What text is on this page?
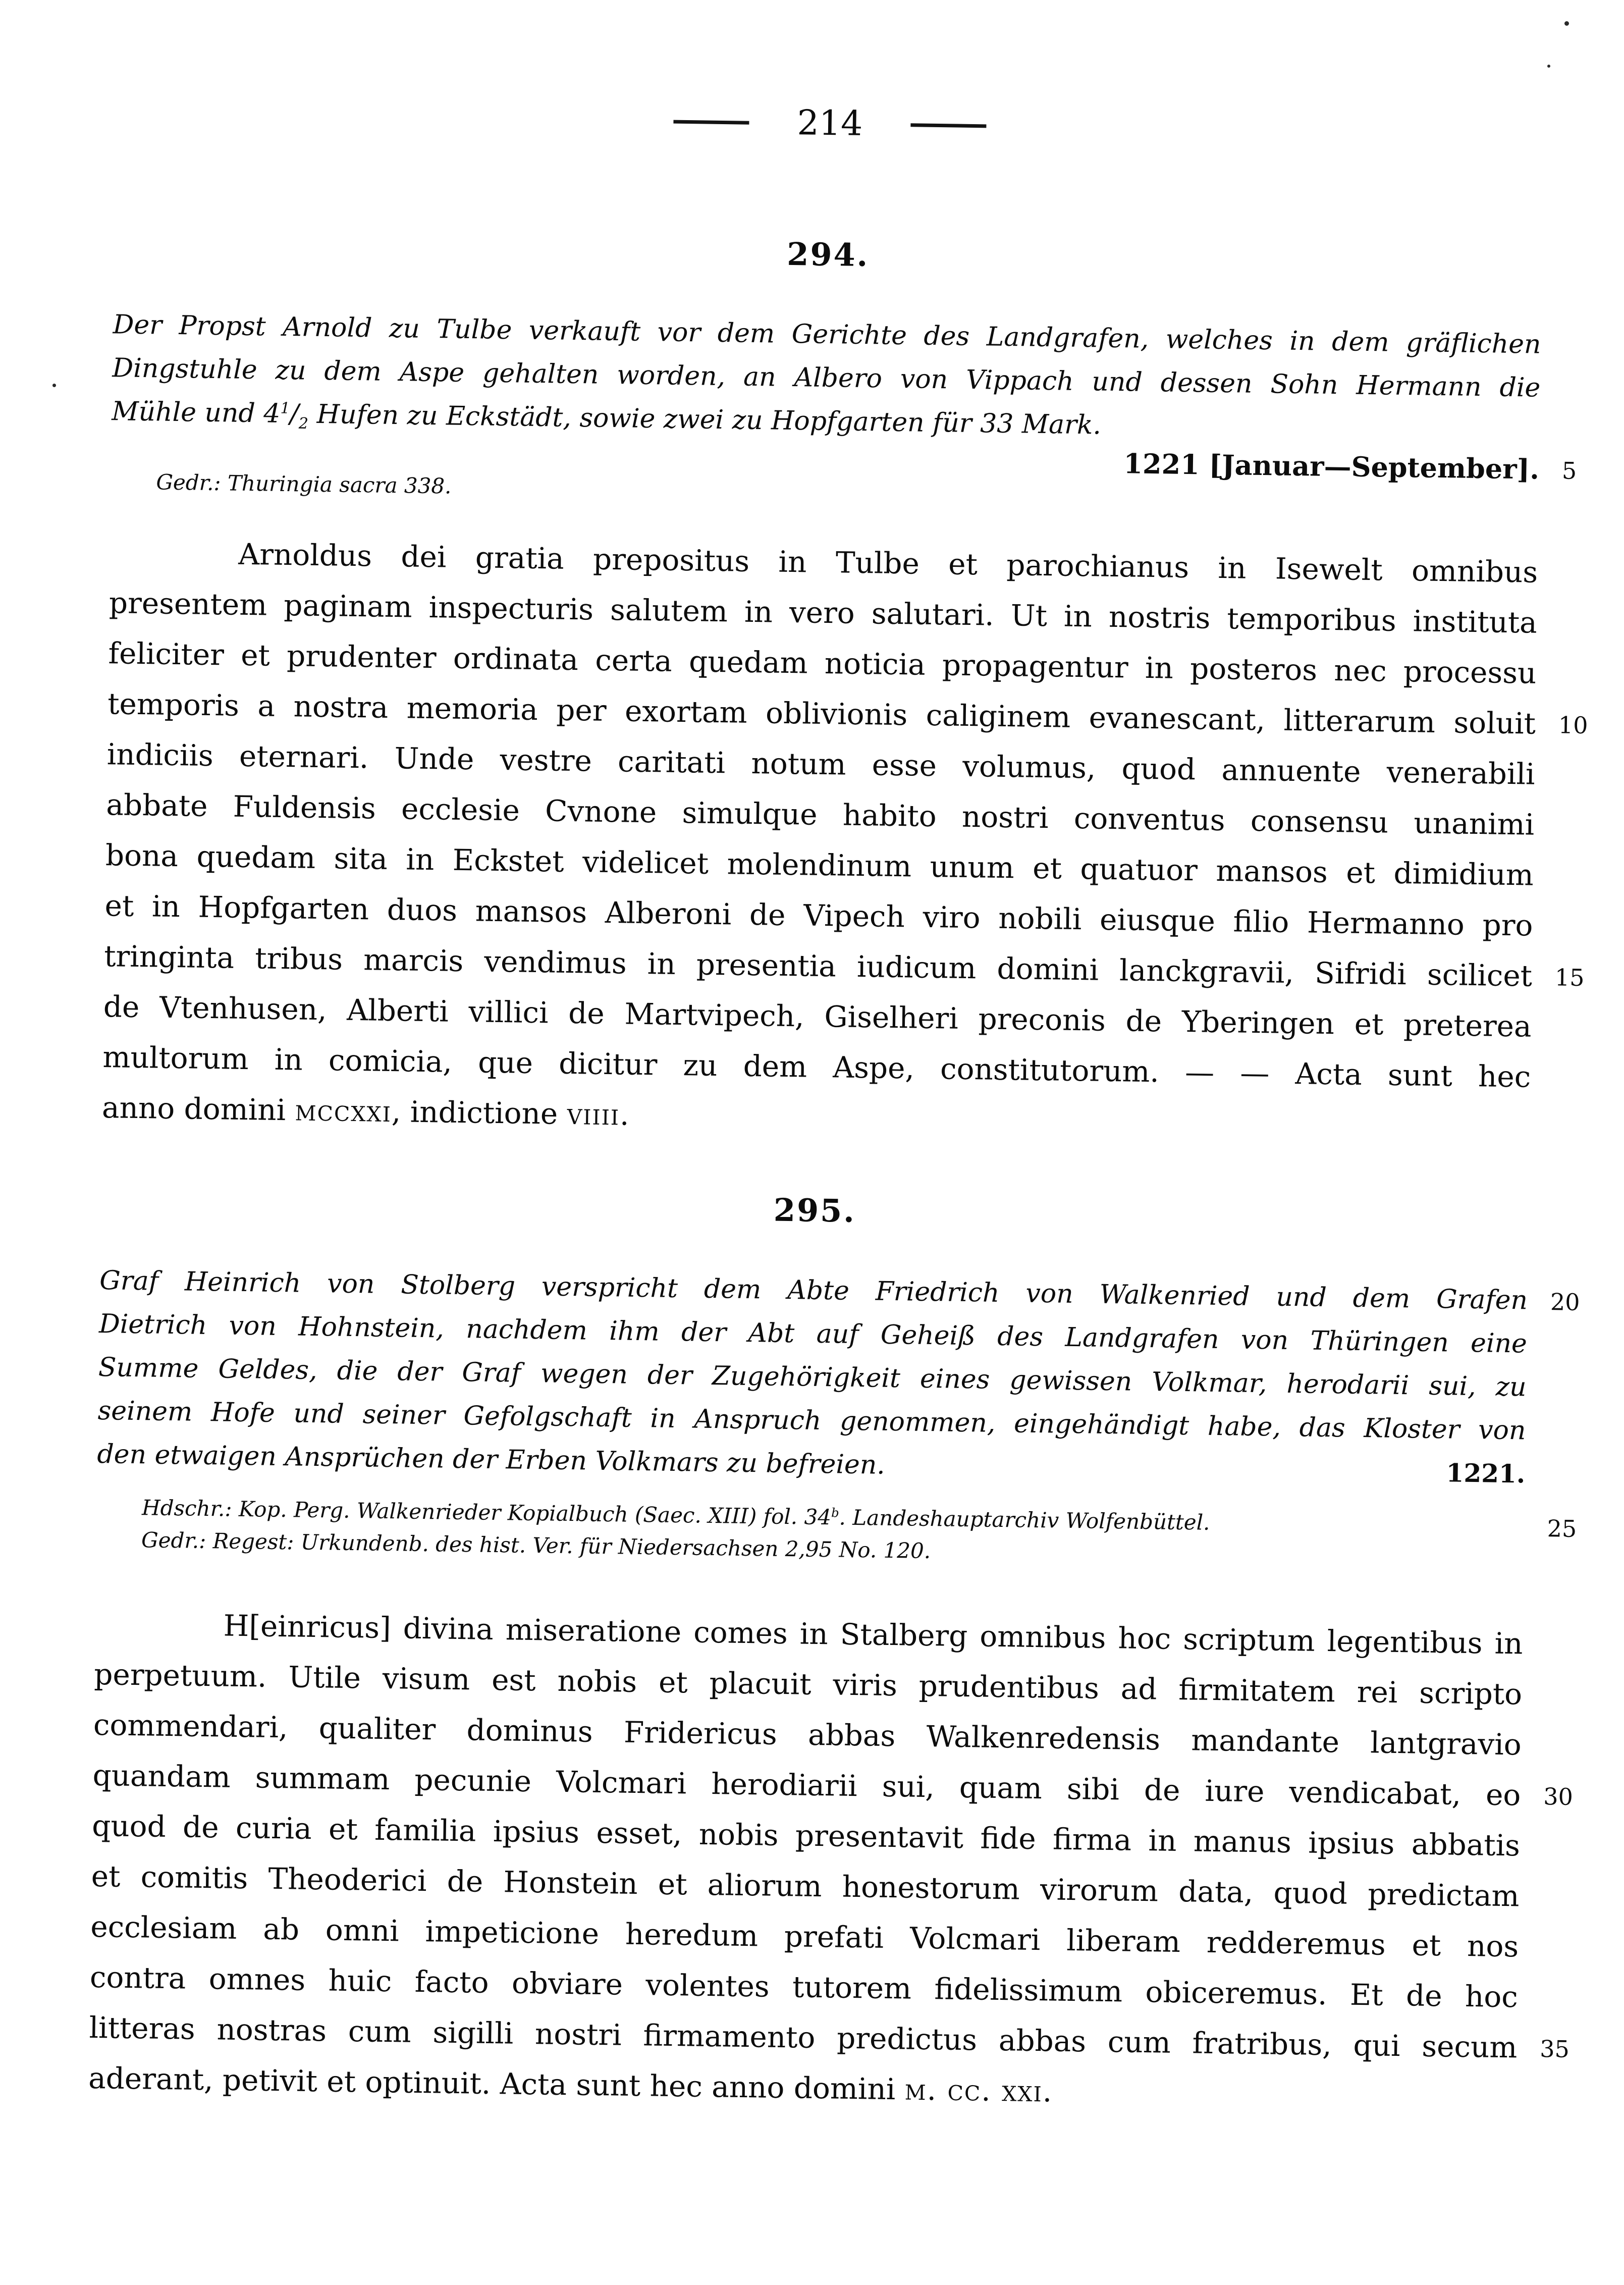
214
294.
Der Propst Arnold zu Tulbe verkauft vor dem Gerichte des Landgrafen, welches in dem gräflichen
Dingstuhle zu dem Aspe gehalten worden, an Albero von Vippach und dessen Sohn Hermann die
Mühle und $4^1/_2$ Hufen zu Eckstädt, sowie zwei zu Hopfgarten für 33 Mark.
1221 [Januar—September]. 5
Gedr.: Thuringia sacra 338.
Arnoldus dei gratia prepositus in Tulbe et parochianus in Isewelt omnibus
presentem paginam inspecturis salutem in vero salutari. Ut in nostris temporibus instituta
feliciter et prudenter ordinata certa quedam noticia propagentur in posteros nec processu
temporis a nostra memoria per exortam oblivionis caliginem evanescant, litterarum soluit 10
indiciis eternari. Unde vestre caritati notum esse volumus, quod annuente venerabili
abbate Fuldensis ecclesie Cvnone simulque habito nostri conventus consensu unanimi
bona quedam sita in Eckstet videlicet molendinum unum et quatuor mansos et dimidium
et in Hopfgarten duos mansos Alberoni de Vipech viro nobili eiusque filio Hermanno pro
tringinta tribus marcis vendimus in presentia iudicum domini lanckgravii, Sifridi scilicet 15
de Vtenhusen, Alberti villici de Martvipech, Giselheri preconis de Yberingen et preterea
multorum in comicia, que dicitur zu dem Aspe, constitutorum. — — Acta sunt hec
anno domini mccxxi, indictione viiii.
295.
Graf Heinrich von Stolberg verspricht dem Abte Friedrich von Walkenried und dem Grafen 20
Dietrich von Hohnstein, nachdem ihm der Abt auf Geheiß des Landgrafen von Thüringen eine
Summe Geldes, die der Graf wegen der Zugehörigkeit eines gewissen Volkmar, herodarii sui, zu
seinem Hofe und seiner Gefolgschaft in Anspruch genommen, eingehändigt habe, das Kloster von
den etwaigen Ansprüchen der Erben Volkmars zu befreien.	1221.
Hdschr.: Kop. Perg. Walkenrieder Kopialbuch (Saec. XIII) fol. 34$^b$. Landeshauptarchiv Wolfenbüttel.	25
Gedr.: Regest: Urkundenb. des hist. Ver. für Niedersachsen 2,95 No. 120.
H[einricus] divina miseratione comes in Stalberg omnibus hoc scriptum legentibus in
perpetuum. Utile visum est nobis et placuit viris prudentibus ad firmitatem rei scripto
commendari, qualiter dominus Fridericus abbas Walkenredensis mandante lantgravio
quandam summam pecunie Volcmari herodiarii sui, quam sibi de iure vendicabat, eo 30
quod de curia et familia ipsius esset, nobis presentavit fide firma in manus ipsius abbatis
et comitis Theoderici de Honstein et aliorum honestorum virorum data, quod predictam
ecclesiam ab omni impeticione heredum prefati Volcmari liberam redderemus et nos
contra omnes huic facto obviare volentes tutorem fidelissimum obiceremus. Et de hoc
litteras nostras cum sigilli nostri firmamento predictus abbas cum fratribus, qui secum 35
aderant, petivit et optinuit. Acta sunt hec anno domini m. cc. xxi.
